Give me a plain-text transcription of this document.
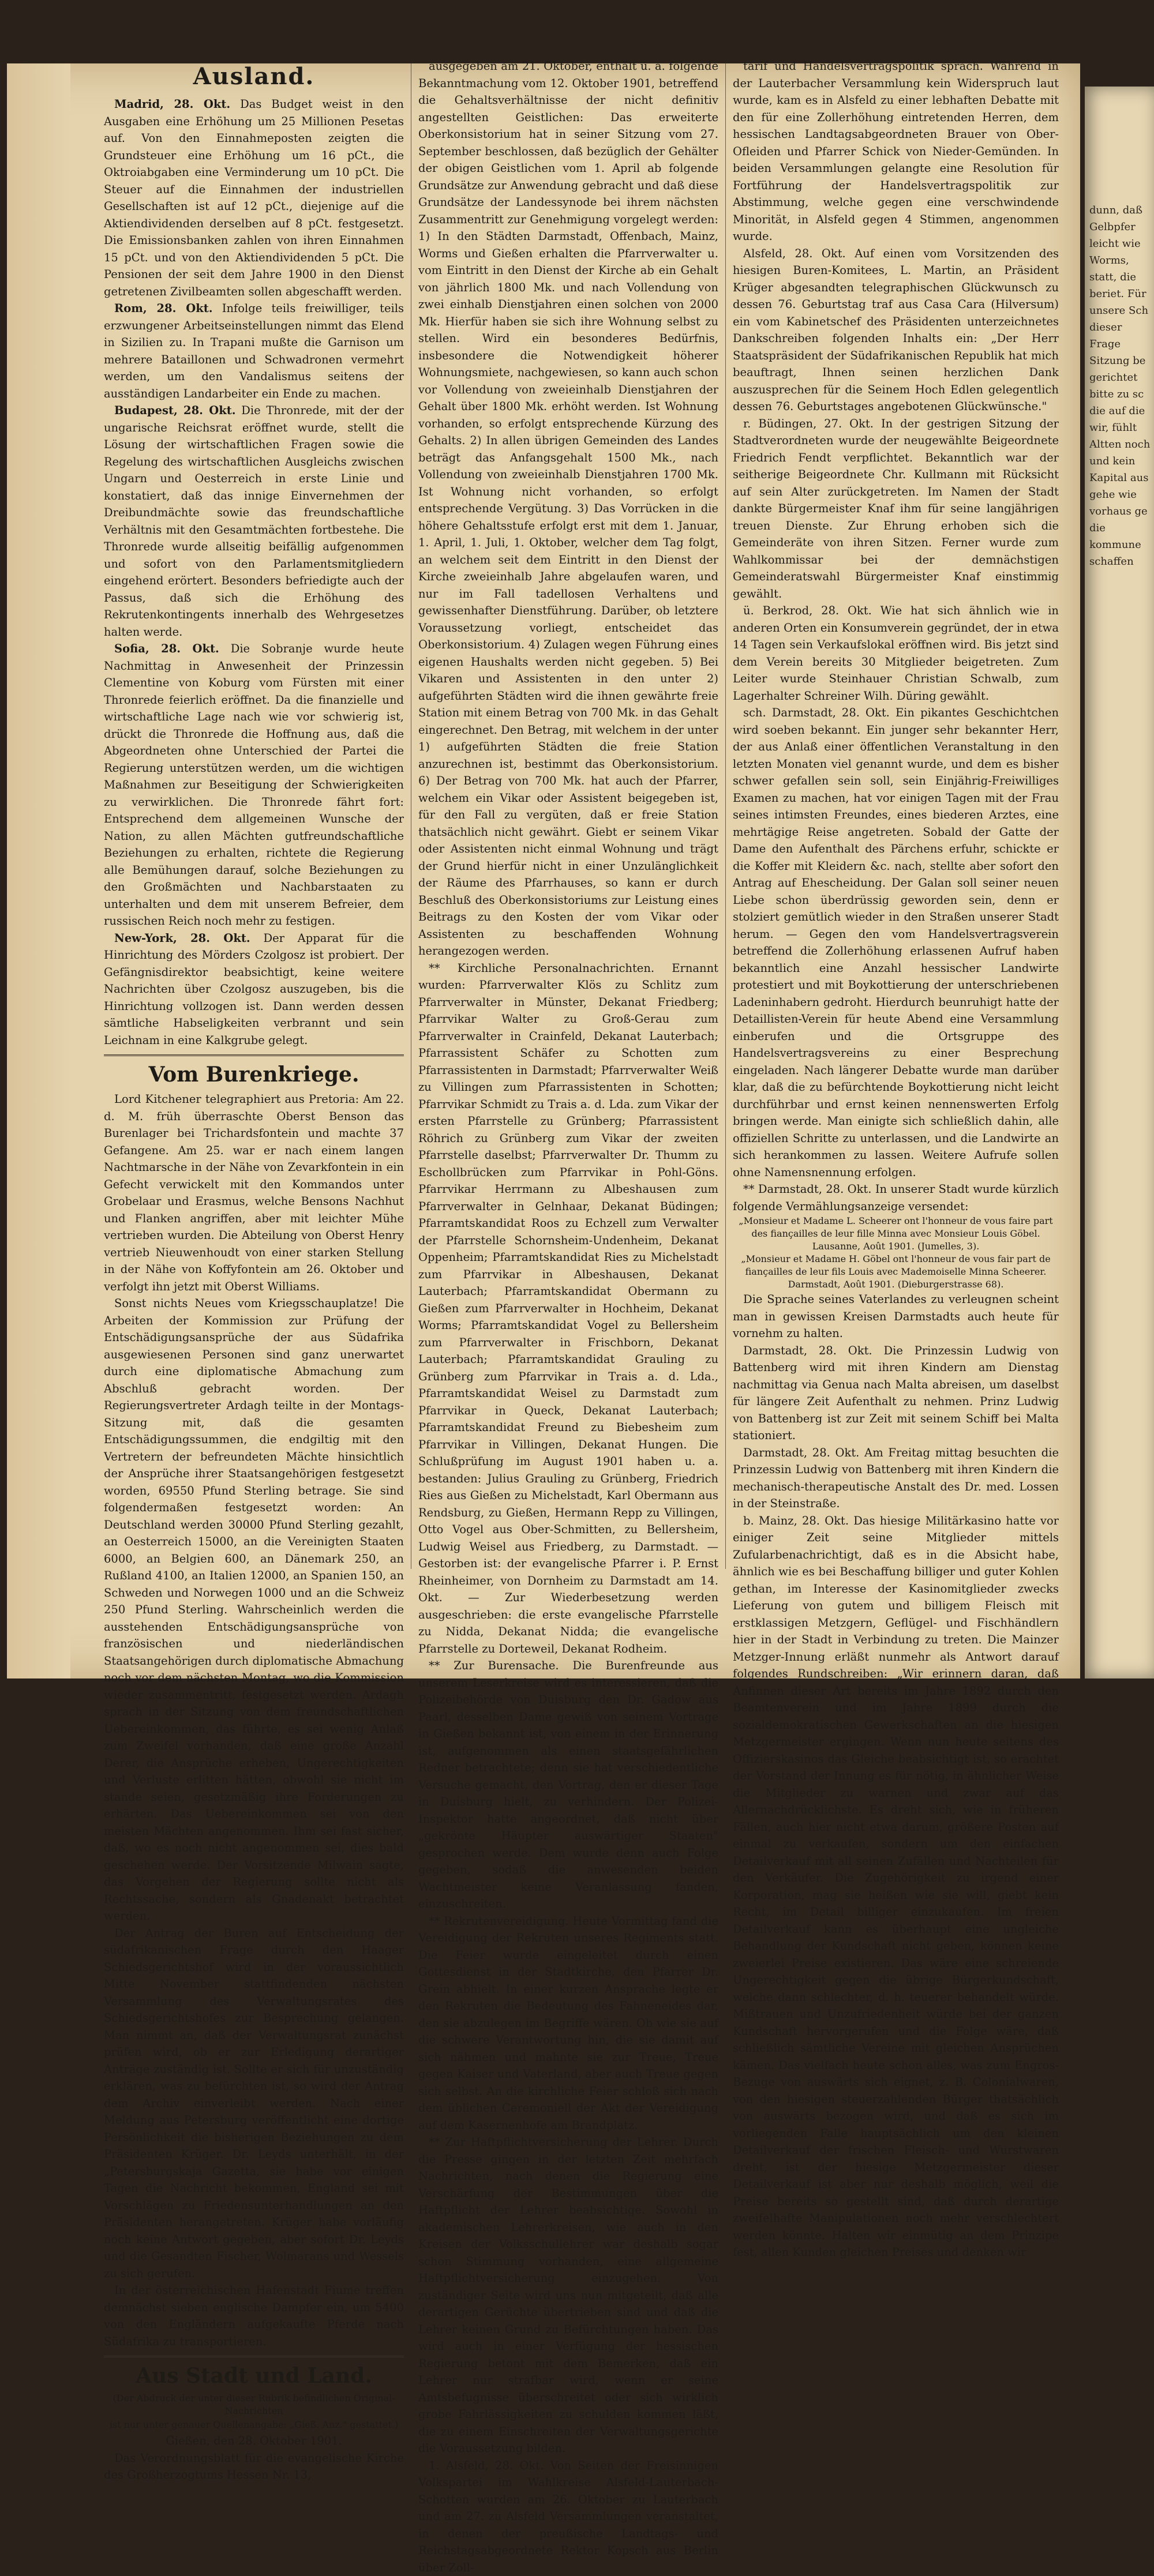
Ausland.

Madrid, 28. Okt. Das Budget weist in den Ausgaben eine Erhöhung um 25 Millionen Pesetas auf. Von den Einnahmeposten zeigten die Grundsteuer eine Erhöhung um 16 pCt., die Oktroiabgaben eine Verminderung um 10 pCt. Die Steuer auf die Einnahmen der industriellen Gesellschaften ist auf 12 pCt., diejenige auf die Aktiendividenden derselben auf 8 pCt. festgesetzt. Die Emissionsbanken zahlen von ihren Einnahmen 15 pCt. und von den Aktiendividenden 5 pCt. Die Pensionen der seit dem Jahre 1900 in den Dienst getretenen Zivilbeamten sollen abgeschafft werden.

Rom, 28. Okt. Infolge teils freiwilliger, teils erzwungener Arbeitseinstellungen nimmt das Elend in Sizilien zu. In Trapani mußte die Garnison um mehrere Bataillonen und Schwadronen vermehrt werden, um den Vandalismus seitens der ausständigen Landarbeiter ein Ende zu machen.

Budapest, 28. Okt. Die Thronrede, mit der der ungarische Reichsrat eröffnet wurde, stellt die Lösung der wirtschaftlichen Fragen sowie die Regelung des wirtschaftlichen Ausgleichs zwischen Ungarn und Oesterreich in erste Linie und konstatiert, daß das innige Einvernehmen der Dreibundmächte sowie das freundschaftliche Verhältnis mit den Gesamtmächten fortbestehe. Die Thronrede wurde allseitig beifällig aufgenommen und sofort von den Parlamentsmitgliedern eingehend erörtert. Besonders befriedigte auch der Passus, daß sich die Erhöhung des Rekrutenkontingents innerhalb des Wehrgesetzes halten werde.

Sofia, 28. Okt. Die Sobranje wurde heute Nachmittag in Anwesenheit der Prinzessin Clementine von Koburg vom Fürsten mit einer Thronrede feierlich eröffnet. Da die finanzielle und wirtschaftliche Lage nach wie vor schwierig ist, drückt die Thronrede die Hoffnung aus, daß die Abgeordneten ohne Unterschied der Partei die Regierung unterstützen werden, um die wichtigen Maßnahmen zur Beseitigung der Schwierigkeiten zu verwirklichen. Die Thronrede fährt fort: Entsprechend dem allgemeinen Wunsche der Nation, zu allen Mächten gutfreundschaftliche Beziehungen zu erhalten, richtete die Regierung alle Bemühungen darauf, solche Beziehungen zu den Großmächten und Nachbarstaaten zu unterhalten und dem mit unserem Befreier, dem russischen Reich noch mehr zu festigen.

New-York, 28. Okt. Der Apparat für die Hinrichtung des Mörders Czolgosz ist probiert. Der Gefängnisdirektor beabsichtigt, keine weitere Nachrichten über Czolgosz auszugeben, bis die Hinrichtung vollzogen ist. Dann werden dessen sämtliche Habseligkeiten verbrannt und sein Leichnam in eine Kalkgrube gelegt.

Vom Burenkriege.

Lord Kitchener telegraphiert aus Pretoria: Am 22. d. M. früh überraschte Oberst Benson das Burenlager bei Trichardsfontein und machte 37 Gefangene. Am 25. war er nach einem langen Nachtmarsche in der Nähe von Zevarkfontein in ein Gefecht verwickelt mit den Kommandos unter Grobelaar und Erasmus, welche Bensons Nachhut und Flanken angriffen, aber mit leichter Mühe vertrieben wurden. Die Abteilung von Oberst Henry vertrieb Nieuwenhoudt von einer starken Stellung in der Nähe von Koffyfontein am 26. Oktober und verfolgt ihn jetzt mit Oberst Williams.

Sonst nichts Neues vom Kriegsschauplatze! Die Arbeiten der Kommission zur Prüfung der Entschädigungsansprüche der aus Südafrika ausgewiesenen Personen sind ganz unerwartet durch eine diplomatische Abmachung zum Abschluß gebracht worden. Der Regierungsvertreter Ardagh teilte in der Montags-Sitzung mit, daß die gesamten Entschädigungssummen, die endgiltig mit den Vertretern der befreundeten Mächte hinsichtlich der Ansprüche ihrer Staatsangehörigen festgesetzt worden, 69550 Pfund Sterling betrage. Sie sind folgendermaßen festgesetzt worden: An Deutschland werden 30000 Pfund Sterling gezahlt, an Oesterreich 15000, an die Vereinigten Staaten 6000, an Belgien 600, an Dänemark 250, an Rußland 4100, an Italien 12000, an Spanien 150, an Schweden und Norwegen 1000 und an die Schweiz 250 Pfund Sterling. Wahrscheinlich werden die ausstehenden Entschädigungsansprüche von französischen und niederländischen Staatsangehörigen durch diplomatische Abmachung noch vor dem nächsten Montag, wo die Kommission wieder zusammentritt, festgesetzt werden. Ardagh sprach in der Sitzung von dem freundschaftlichen Uebereinkommen, das führte, es sei wenig Anlaß zum Zweifel vorhanden, daß eine große Anzahl Derer, die Ansprüche erheben, Ungerechtigkeiten und Verluste erlitten hätten, obwohl sie nicht im stande seien, gesetzmäßig ihre Forderungen zu erhärten. Das Uebereinkommen sei von den meisten Mächten angenommen. Ihm sei fast sicher, daß, wo es noch nicht angenommen sei, dies bald geschehen werde. Der Vorsitzende Milwain sagte, das Vorgehen der Regierung sollte nicht als Rechtssache, sondern als Gnadenakt betrachtet werden.

Der Antrag der Buren auf Entscheidung der südafrikanischen Frage durch den Haager Schiedsgerichtshof wird in der voraussichtlich Mitte November stattfindenden nächsten Versammlung des Verwaltungsrates des Schiedsgerichtshofes zur Besprechung gelangen. Man nimmt an, daß der Verwaltungsrat zunächst prüfen wird, ob er zur Erledigung derartiger Anträge zuständig ist. Sollte er sich für unzuständig erklären, was zu befürchten ist, so wird der Antrag dem Archiv einverleibt werden. Nach einer Meldung aus Petersburg veröffentlicht eine dortige Persönlichkeit die bisherigen Beziehungen zu dem Präsidenten Krüger. Dr. Leyds unterhält, in der „Petersburgskaja Gazetta, sie habe vor einigen Tagen die Nachricht bekommen, England sei mit Vorschlägen zu Friedensunterhandlungen an den Präsidenten herangetreten. Krüger habe vorläufig noch keine Antwort gegeben, aber sofort Dr. Leyds und die Gesandten Fischer, Wolmarans und Wessels zu sich gerufen.

In der österreichischen Hafenstadt Fiume treffen demnächst sieben englische Dampfer ein, um 5400 von den Engländern aufgekaufte Pferde nach Südafrika zu transportieren.

Aus Stadt und Land.
(Der Abdruck der unter dieser Rubrik befindlichen Original-Nachrichten
ist nur unter genauer Quellenangabe: „Gieß. Anz." gestattet.)
Gießen, den 28. Oktober 1901.

Das Verordnungsblatt für die evangelische Kirche des Großherzogtums Hessen Nr. 13,

ausgegeben am 21. Oktober, enthält u. a. folgende Bekanntmachung vom 12. Oktober 1901, betreffend die Gehaltsverhältnisse der nicht definitiv angestellten Geistlichen: Das erweiterte Oberkonsistorium hat in seiner Sitzung vom 27. September beschlossen, daß bezüglich der Gehälter der obigen Geistlichen vom 1. April ab folgende Grundsätze zur Anwendung gebracht und daß diese Grundsätze der Landessynode bei ihrem nächsten Zusammentritt zur Genehmigung vorgelegt werden: 1) In den Städten Darmstadt, Offenbach, Mainz, Worms und Gießen erhalten die Pfarrverwalter u. vom Eintritt in den Dienst der Kirche ab ein Gehalt von jährlich 1800 Mk. und nach Vollendung von zwei einhalb Dienstjahren einen solchen von 2000 Mk. Hierfür haben sie sich ihre Wohnung selbst zu stellen. Wird ein besonderes Bedürfnis, insbesondere die Notwendigkeit höherer Wohnungsmiete, nachgewiesen, so kann auch schon vor Vollendung von zweieinhalb Dienstjahren der Gehalt über 1800 Mk. erhöht werden. Ist Wohnung vorhanden, so erfolgt entsprechende Kürzung des Gehalts. 2) In allen übrigen Gemeinden des Landes beträgt das Anfangsgehalt 1500 Mk., nach Vollendung von zweieinhalb Dienstjahren 1700 Mk. Ist Wohnung nicht vorhanden, so erfolgt entsprechende Vergütung. 3) Das Vorrücken in die höhere Gehaltsstufe erfolgt erst mit dem 1. Januar, 1. April, 1. Juli, 1. Oktober, welcher dem Tag folgt, an welchem seit dem Eintritt in den Dienst der Kirche zweieinhalb Jahre abgelaufen waren, und nur im Fall tadellosen Verhaltens und gewissenhafter Dienstführung. Darüber, ob letztere Voraussetzung vorliegt, entscheidet das Oberkonsistorium. 4) Zulagen wegen Führung eines eigenen Haushalts werden nicht gegeben. 5) Bei Vikaren und Assistenten in den unter 2) aufgeführten Städten wird die ihnen gewährte freie Station mit einem Betrag von 700 Mk. in das Gehalt eingerechnet. Den Betrag, mit welchem in der unter 1) aufgeführten Städten die freie Station anzurechnen ist, bestimmt das Oberkonsistorium. 6) Der Betrag von 700 Mk. hat auch der Pfarrer, welchem ein Vikar oder Assistent beigegeben ist, für den Fall zu vergüten, daß er freie Station thatsächlich nicht gewährt. Giebt er seinem Vikar oder Assistenten nicht einmal Wohnung und trägt der Grund hierfür nicht in einer Unzulänglichkeit der Räume des Pfarrhauses, so kann er durch Beschluß des Oberkonsistoriums zur Leistung eines Beitrags zu den Kosten der vom Vikar oder Assistenten zu beschaffenden Wohnung herangezogen werden.

** Kirchliche Personalnachrichten. Ernannt wurden: Pfarrverwalter Klös zu Schlitz zum Pfarrverwalter in Münster, Dekanat Friedberg; Pfarrvikar Walter zu Groß-Gerau zum Pfarrverwalter in Crainfeld, Dekanat Lauterbach; Pfarrassistent Schäfer zu Schotten zum Pfarrassistenten in Darmstadt; Pfarrverwalter Weiß zu Villingen zum Pfarrassistenten in Schotten; Pfarrvikar Schmidt zu Trais a. d. Lda. zum Vikar der ersten Pfarrstelle zu Grünberg; Pfarrassistent Röhrich zu Grünberg zum Vikar der zweiten Pfarrstelle daselbst; Pfarrverwalter Dr. Thumm zu Eschollbrücken zum Pfarrvikar in Pohl-Göns. Pfarrvikar Herrmann zu Albeshausen zum Pfarrverwalter in Gelnhaar, Dekanat Büdingen; Pfarramtskandidat Roos zu Echzell zum Verwalter der Pfarrstelle Schornsheim-Undenheim, Dekanat Oppenheim; Pfarramtskandidat Ries zu Michelstadt zum Pfarrvikar in Albeshausen, Dekanat Lauterbach; Pfarramtskandidat Obermann zu Gießen zum Pfarrverwalter in Hochheim, Dekanat Worms; Pfarramtskandidat Vogel zu Bellersheim zum Pfarrverwalter in Frischborn, Dekanat Lauterbach; Pfarramtskandidat Grauling zu Grünberg zum Pfarrvikar in Trais a. d. Lda., Pfarramtskandidat Weisel zu Darmstadt zum Pfarrvikar in Queck, Dekanat Lauterbach; Pfarramtskandidat Freund zu Biebesheim zum Pfarrvikar in Villingen, Dekanat Hungen. Die Schlußprüfung im August 1901 haben u. a. bestanden: Julius Grauling zu Grünberg, Friedrich Ries aus Gießen zu Michelstadt, Karl Obermann aus Rendsburg, zu Gießen, Hermann Repp zu Villingen, Otto Vogel aus Ober-Schmitten, zu Bellersheim, Ludwig Weisel aus Friedberg, zu Darmstadt. — Gestorben ist: der evangelische Pfarrer i. P. Ernst Rheinheimer, von Dornheim zu Darmstadt am 14. Okt. — Zur Wiederbesetzung werden ausgeschrieben: die erste evangelische Pfarrstelle zu Nidda, Dekanat Nidda; die evangelische Pfarrstelle zu Dorteweil, Dekanat Rodheim.

** Zur Burensache. Die Burenfreunde aus unserem Leserkreise wird es interessieren, daß die Polizeibehörde von Duisburg den Dr. Gadow aus Paarl, desselben Dame gewiß von seinem Vortrage in Gießen bekannt ist, von einem in der Erinnerung ist, aufgenommen als einen staatsgefährlichen Redner betrachtete; denn sie hat verschiedentliche Versuche gemacht, den Vortrag, den er dieser Tage in Duisburg hielt, zu verhindern. Der Polizei-Inspektor hatte angeordnet, daß nicht über „gekrönte Häupter auswärtiger Staaten" gesprochen werde. Dem wurde denn auch Folge gegeben, sodaß die anwesenden beiden Wachtmeister keine Veranlassung fanden, einzuschreiten.

** Rekrutenvereidigung. Heute Vormittag fand die Vereidigung der Rekruten unseres Regiments statt. Die Feier wurde eingeleitet durch einen Gottesdienst in der Stadtkirche, den Pfarrer Dr. Grein abhielt. In einer kurzen Ansprache legte er den Rekruten die Bedeutung des Fahneneides dar, den sie abzulegen im Begriffe wären. Ob wie sie auf die schwere Verantwortung hin, die sie damit auf sich nähmen und mahnte sie zur Treue, Treue gegen Kaiser und Vaterland, aber auch Treue gegen sich selbst. An die kirchliche Feier schloß sich nach dem üblichen Ceremoniell der Akt der Vereidigung auf dem Kasernenhofe am Brandplatz.

** Zur Haftpflichtversicherung der Lehrer. Durch die Presse gingen in der letzten Zeit mehrfach Nachrichten, nach denen die Regierung eine Verschärfung der Bestimmungen über die Haftpflicht der Lehrer beabsichtige. Sowohl in akademischen Lehrerkreisen, wie auch in den Kreisen der Volksschullehrer war deshalb sogar schon Stimmung vorhanden, eine allgemeine Haftpflichtversicherung einzugehen. Von zuständiger Seite wird uns nun mitgeteilt, daß alle derartigen Gerüchte übertrieben sind und daß die Lehrer keinen Grund zu Befürchtungen haben. Das wird auch in einer Verfügung der hessischen Regierung betont mit dem Bemerken, daß ein Lehrer nur strafbar wird, wenn er seine Amtsbefugnisse überschreitet oder sich wirklich grobe Fahrlässigkeiten zu schulden kommen läßt, die zu einem Einschreiten der Verwaltungsgerichte die Voraussetzung bilden.

1. Alsfeld, 28. Okt. Von Seiten der Freisinnigen Volkspartei im Wahlkreise Alsfeld-Lauterbach-Schotten wurden am 26. Oktober zu Lauterbach und am 27. zu Alsfeld Versammlungen veranstaltet, in denen der preußische Landtags- und Reichstagsabgeordnete Rektor Kopsch aus Berlin über Zoll-

tarif und Handelsvertragspolitik sprach. Während in der Lauterbacher Versammlung kein Widerspruch laut wurde, kam es in Alsfeld zu einer lebhaften Debatte mit den für eine Zollerhöhung eintretenden Herren, dem hessischen Landtagsabgeordneten Brauer von Ober-Ofleiden und Pfarrer Schick von Nieder-Gemünden. In beiden Versammlungen gelangte eine Resolution für Fortführung der Handelsvertragspolitik zur Abstimmung, welche gegen eine verschwindende Minorität, in Alsfeld gegen 4 Stimmen, angenommen wurde.

Alsfeld, 28. Okt. Auf einen vom Vorsitzenden des hiesigen Buren-Komitees, L. Martin, an Präsident Krüger abgesandten telegraphischen Glückwunsch zu dessen 76. Geburtstag traf aus Casa Cara (Hilversum) ein vom Kabinetschef des Präsidenten unterzeichnetes Dankschreiben folgenden Inhalts ein: „Der Herr Staatspräsident der Südafrikanischen Republik hat mich beauftragt, Ihnen seinen herzlichen Dank auszusprechen für die Seinem Hoch Edlen gelegentlich dessen 76. Geburtstages angebotenen Glückwünsche."

r. Büdingen, 27. Okt. In der gestrigen Sitzung der Stadtverordneten wurde der neugewählte Beigeordnete Friedrich Fendt verpflichtet. Bekanntlich war der seitherige Beigeordnete Chr. Kullmann mit Rücksicht auf sein Alter zurückgetreten. Im Namen der Stadt dankte Bürgermeister Knaf ihm für seine langjährigen treuen Dienste. Zur Ehrung erhoben sich die Gemeinderäte von ihren Sitzen. Ferner wurde zum Wahlkommissar bei der demnächstigen Gemeinderatswahl Bürgermeister Knaf einstimmig gewählt.

ü. Berkrod, 28. Okt. Wie hat sich ähnlich wie in anderen Orten ein Konsumverein gegründet, der in etwa 14 Tagen sein Verkaufslokal eröffnen wird. Bis jetzt sind dem Verein bereits 30 Mitglieder beigetreten. Zum Leiter wurde Steinhauer Christian Schwalb, zum Lagerhalter Schreiner Wilh. Düring gewählt.

sch. Darmstadt, 28. Okt. Ein pikantes Geschichtchen wird soeben bekannt. Ein junger sehr bekannter Herr, der aus Anlaß einer öffentlichen Veranstaltung in den letzten Monaten viel genannt wurde, und dem es bisher schwer gefallen sein soll, sein Einjährig-Freiwilliges Examen zu machen, hat vor einigen Tagen mit der Frau seines intimsten Freundes, eines biederen Arztes, eine mehrtägige Reise angetreten. Sobald der Gatte der Dame den Aufenthalt des Pärchens erfuhr, schickte er die Koffer mit Kleidern &c. nach, stellte aber sofort den Antrag auf Ehescheidung. Der Galan soll seiner neuen Liebe schon überdrüssig geworden sein, denn er stolziert gemütlich wieder in den Straßen unserer Stadt herum. — Gegen den vom Handelsvertragsverein betreffend die Zollerhöhung erlassenen Aufruf haben bekanntlich eine Anzahl hessischer Landwirte protestiert und mit Boykottierung der unterschriebenen Ladeninhabern gedroht. Hierdurch beunruhigt hatte der Detaillisten-Verein für heute Abend eine Versammlung einberufen und die Ortsgruppe des Handelsvertragsvereins zu einer Besprechung eingeladen. Nach längerer Debatte wurde man darüber klar, daß die zu befürchtende Boykottierung nicht leicht durchführbar und ernst keinen nennenswerten Erfolg bringen werde. Man einigte sich schließlich dahin, alle offiziellen Schritte zu unterlassen, und die Landwirte an sich herankommen zu lassen. Weitere Aufrufe sollen ohne Namensnennung erfolgen.

** Darmstadt, 28. Okt. In unserer Stadt wurde kürzlich folgende Vermählungsanzeige versendet:

„Monsieur et Madame L. Scheerer ont l'honneur de vous faire part des fiançailles de leur fille Minna avec Monsieur Louis Göbel. Lausanne, Août 1901. (Jumelles, 3).

„Monsieur et Madame H. Göbel ont l'honneur de vous fair part de fiançailles de leur fils Louis avec Mademoiselle Minna Scheerer. Darmstadt, Août 1901. (Dieburgerstrasse 68).

Die Sprache seines Vaterlandes zu verleugnen scheint man in gewissen Kreisen Darmstadts auch heute für vornehm zu halten.

Darmstadt, 28. Okt. Die Prinzessin Ludwig von Battenberg wird mit ihren Kindern am Dienstag nachmittag via Genua nach Malta abreisen, um daselbst für längere Zeit Aufenthalt zu nehmen. Prinz Ludwig von Battenberg ist zur Zeit mit seinem Schiff bei Malta stationiert.

Darmstadt, 28. Okt. Am Freitag mittag besuchten die Prinzessin Ludwig von Battenberg mit ihren Kindern die mechanisch-therapeutische Anstalt des Dr. med. Lossen in der Steinstraße.

b. Mainz, 28. Okt. Das hiesige Militärkasino hatte vor einiger Zeit seine Mitglieder mittels Zufularbenachrichtigt, daß es in die Absicht habe, ähnlich wie es bei Beschaffung billiger und guter Kohlen gethan, im Interesse der Kasinomitglieder zwecks Lieferung von gutem und billigem Fleisch mit erstklassigen Metzgern, Geflügel- und Fischhändlern hier in der Stadt in Verbindung zu treten. Die Mainzer Metzger-Innung erläßt nunmehr als Antwort darauf folgendes Rundschreiben: „Wir erinnern daran, daß Anfinnen dieser Art bereits im Jahre 1892 durch den Beamtenverein und im Jahre 1899 durch die sozialdemokratischen Gewerkschaften an die hiesigen Metzgermeister ergingen. Wenn nun heute seitens des Offizierskasinos das Gleiche beabsichtigt ist, so erachtet der Vorstand der Innung es für nötig, in ähnlicher Weise die Mitglieder zu warnen und zwar auf das Allernachdrücklichste. Es dreht sich, wie in früheren Fällen, auch hier nicht etwa darum, größere Posten auf einmal zu verkaufen, sondern um den einfachen Detailverkauf mit all seinen Zufällen und Nachteilen für den Verkäufer. Die Zugehörigkeit zu irgend einer Korporation, mag sie heißen wie sie will, giebt kein Recht, im Detail billiger einzukaufen. Im freien Detailverkauf kann es überhaupt eine ungleiche Behandlung der Kundschaft nicht geben, können keine zweierlei Preise existieren. Das wäre eine schreiende Ungerechtigkeit gegen die übrige Bürgerkundschaft, welche dann schlechter, d. h. teuerer behandelt würde. Mißtrauen und Unzufriedenheit würde bei der ganzen Kundschaft hervorgerufen und die Folge wäre, daß schließlich sämtliche Vereine mit gleichen Ansprüchen kämen. Das vielfach heute schon alles, was zum Engros-Bezuge von auswärts sich eignet, z. B. Colonialwaren, von den hiesigen steuerzahlenden Bürger thatsächlich von auswärts bezogen wird, und daß es sich im vorliegenden Falle hauptsächlich um den kleinen Detailverkauf der frischen Fleisch- und Wurstwaren dreht, ist der hiesige Metzgermeister dieser Detailverkauf ist aber nur deshalb möglich, weil die Preise bereits so gestellt sind, daß durch derartige zweifelhafte Manipulationen noch mehr verschlechtert werden könnte. Halten wir einmütig an dem Prinzipe fest, allen Kunden gleichen Preises und denken wir

dunn, daß
Gelbpfer
leicht wie
Worms,
statt, die
beriet. Für
unsere Sch
dieser Frage
Sitzung be
gerichtet
bitte zu sc
die auf die
wir, fühlt
Altten noch
und kein
Kapital aus
gehe wie
vorhaus ge
die kommune
schaffen
